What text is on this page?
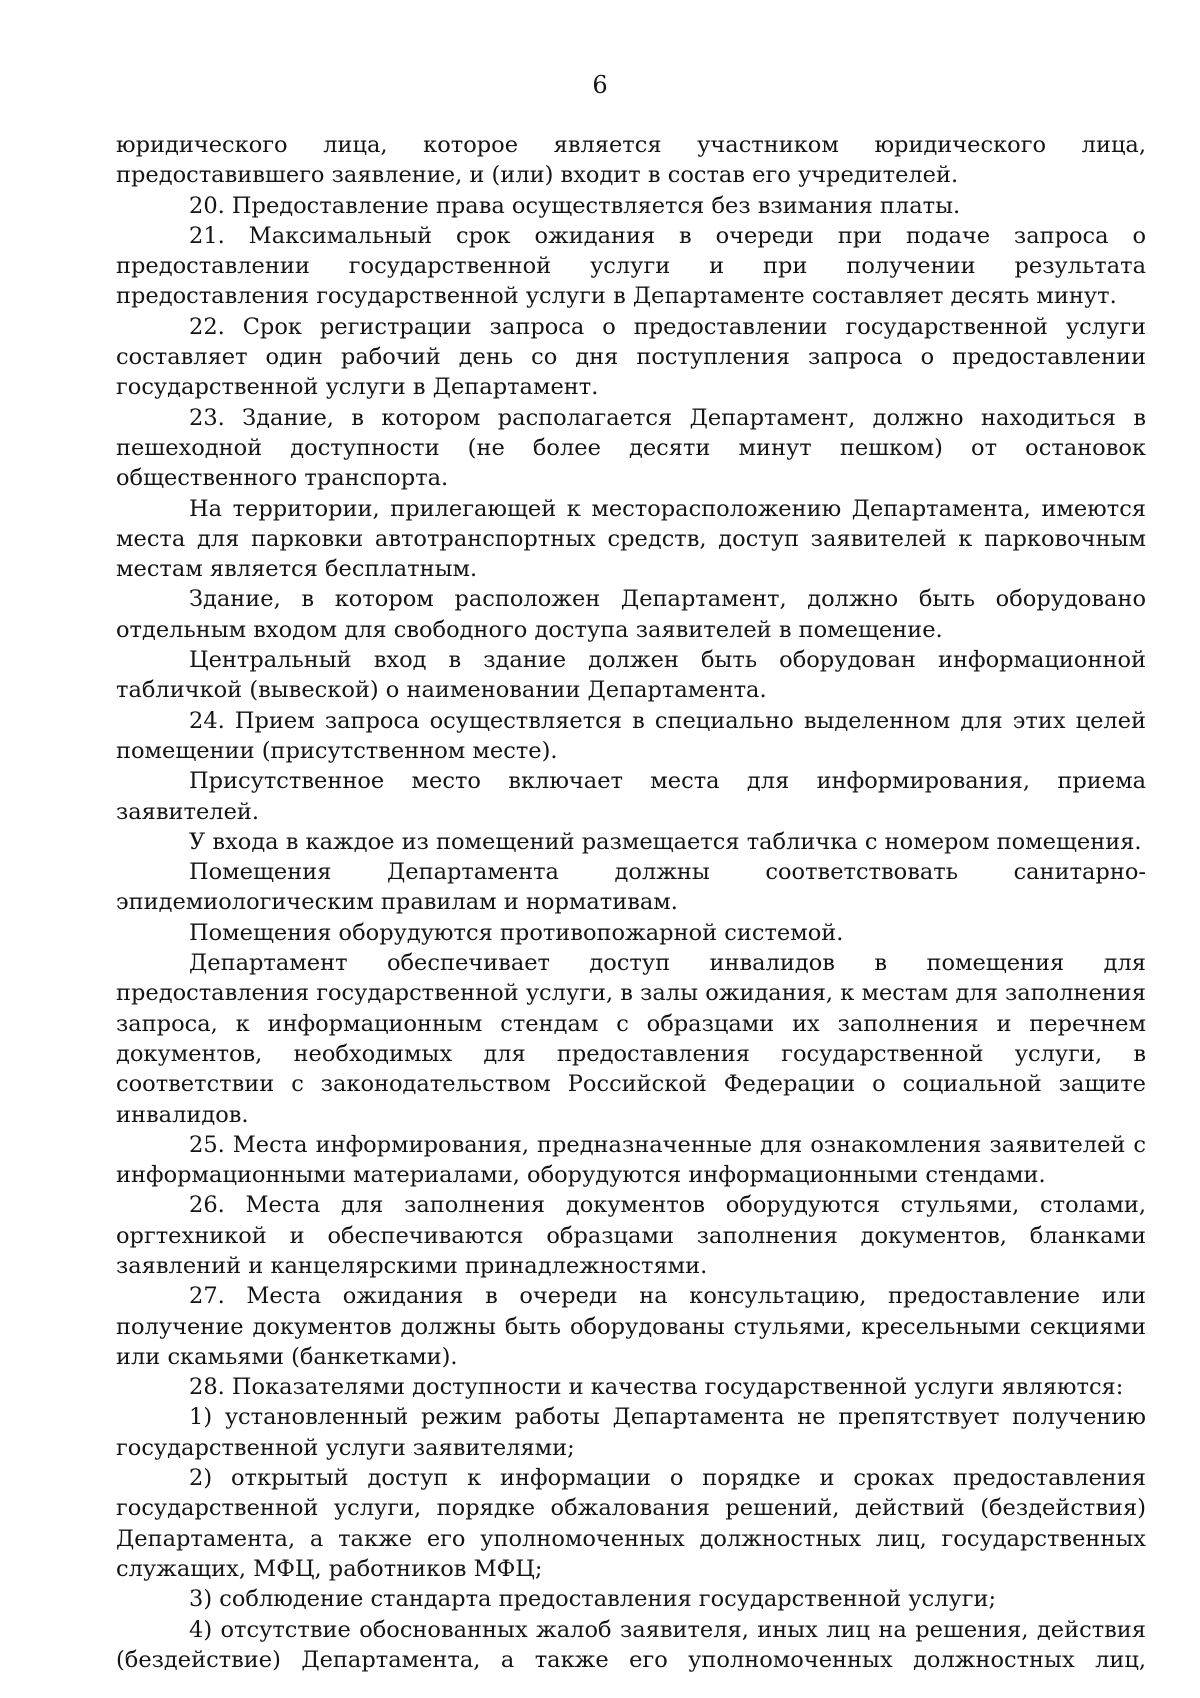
6

юридического лица, которое является участником юридического лица, предоставившего заявление, и (или) входит в состав его учредителей.

20. Предоставление права осуществляется без взимания платы.

21. Максимальный срок ожидания в очереди при подаче запроса о предоставлении государственной услуги и при получении результата предоставления государственной услуги в Департаменте составляет десять минут.

22. Срок регистрации запроса о предоставлении государственной услуги составляет один рабочий день со дня поступления запроса о предоставлении государственной услуги в Департамент.

23. Здание, в котором располагается Департамент, должно находиться в пешеходной доступности (не более десяти минут пешком) от остановок общественного транспорта.

На территории, прилегающей к месторасположению Департамента, имеются места для парковки автотранспортных средств, доступ заявителей к парковочным местам является бесплатным.

Здание, в котором расположен Департамент, должно быть оборудовано отдельным входом для свободного доступа заявителей в помещение.

Центральный вход в здание должен быть оборудован информационной табличкой (вывеской) о наименовании Департамента.

24. Прием запроса осуществляется в специально выделенном для этих целей помещении (присутственном месте).

Присутственное место включает места для информирования, приема заявителей.

У входа в каждое из помещений размещается табличка с номером помещения.

Помещения Департамента должны соответствовать санитарно-эпидемиологическим правилам и нормативам.

Помещения оборудуются противопожарной системой.

Департамент обеспечивает доступ инвалидов в помещения для предоставления государственной услуги, в залы ожидания, к местам для заполнения запроса, к информационным стендам с образцами их заполнения и перечнем документов, необходимых для предоставления государственной услуги, в соответствии с законодательством Российской Федерации о социальной защите инвалидов.

25. Места информирования, предназначенные для ознакомления заявителей с информационными материалами, оборудуются информационными стендами.

26. Места для заполнения документов оборудуются стульями, столами, оргтехникой и обеспечиваются образцами заполнения документов, бланками заявлений и канцелярскими принадлежностями.

27. Места ожидания в очереди на консультацию, предоставление или получение документов должны быть оборудованы стульями, кресельными секциями или скамьями (банкетками).

28. Показателями доступности и качества государственной услуги являются:

1) установленный режим работы Департамента не препятствует получению государственной услуги заявителями;

2) открытый доступ к информации о порядке и сроках предоставления государственной услуги, порядке обжалования решений, действий (бездействия) Департамента, а также его уполномоченных должностных лиц, государственных служащих, МФЦ, работников МФЦ;

3) соблюдение стандарта предоставления государственной услуги;

4) отсутствие обоснованных жалоб заявителя, иных лиц на решения, действия (бездействие) Департамента, а также его уполномоченных должностных лиц,
